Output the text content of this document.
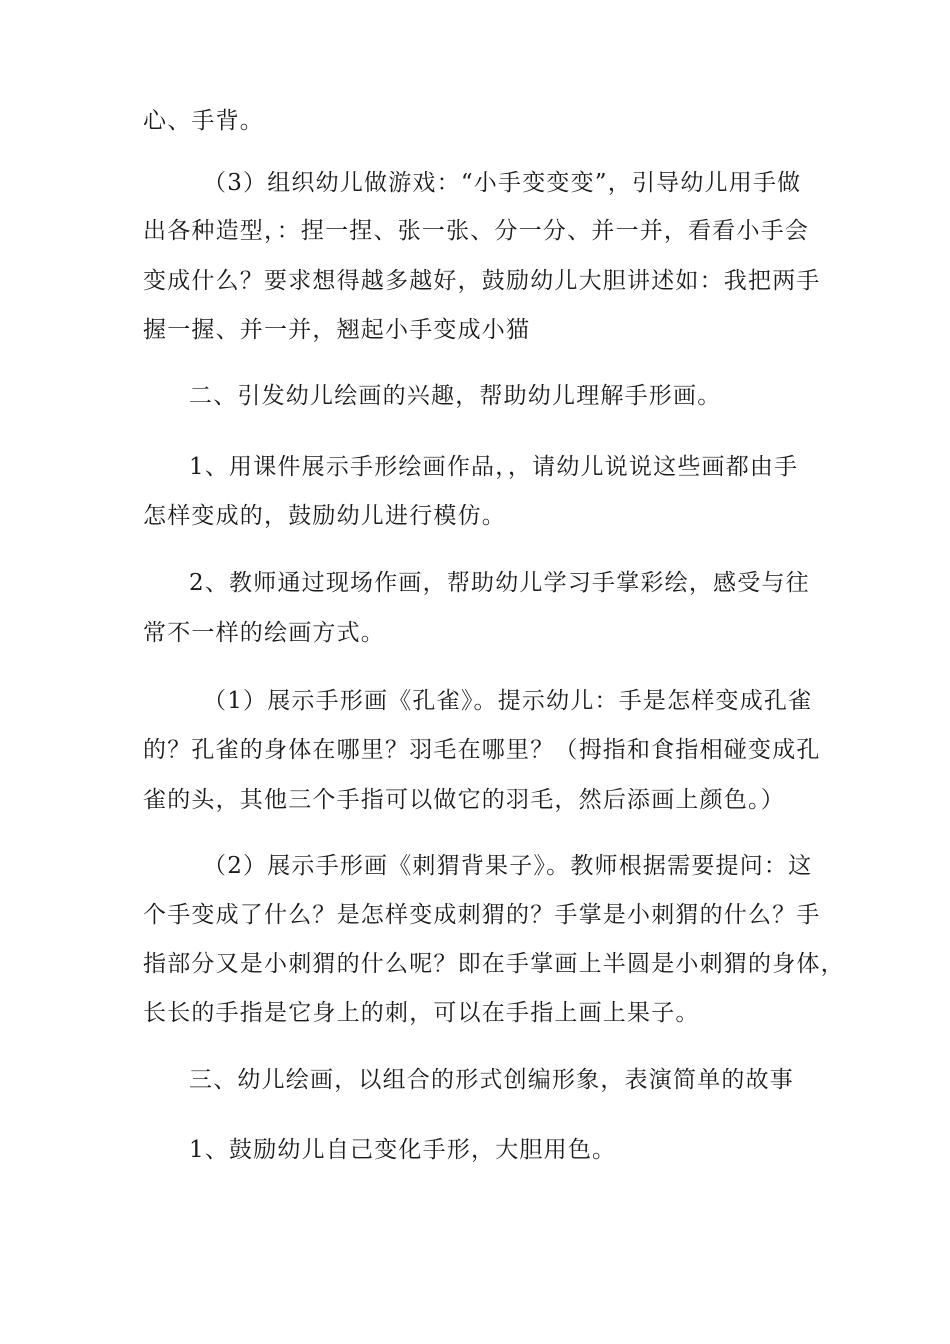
心、手背。
（3）组织幼儿做游戏：“小手变变变”，引导幼儿用手做
出各种造型，：捏一捏、张一张、分一分、并一并，看看小手会
变成什么？要求想得越多越好，鼓励幼儿大胆讲述如：我把两手
握一握、并一并，翘起小手变成小猫
二、引发幼儿绘画的兴趣，帮助幼儿理解手形画。
1、用课件展示手形绘画作品，，请幼儿说说这些画都由手
怎样变成的，鼓励幼儿进行模仿。
2、教师通过现场作画，帮助幼儿学习手掌彩绘，感受与往
常不一样的绘画方式。
（1）展示手形画《孔雀》。提示幼儿：手是怎样变成孔雀
的？孔雀的身体在哪里？羽毛在哪里？（拇指和食指相碰变成孔
雀的头，其他三个手指可以做它的羽毛，然后添画上颜色。）
（2）展示手形画《刺猬背果子》。教师根据需要提问：这
个手变成了什么？是怎样变成刺猬的？手掌是小刺猬的什么？手
指部分又是小刺猬的什么呢？即在手掌画上半圆是小刺猬的身体，
长长的手指是它身上的刺，可以在手指上画上果子。
三、幼儿绘画，以组合的形式创编形象，表演简单的故事
1、鼓励幼儿自己变化手形，大胆用色。
